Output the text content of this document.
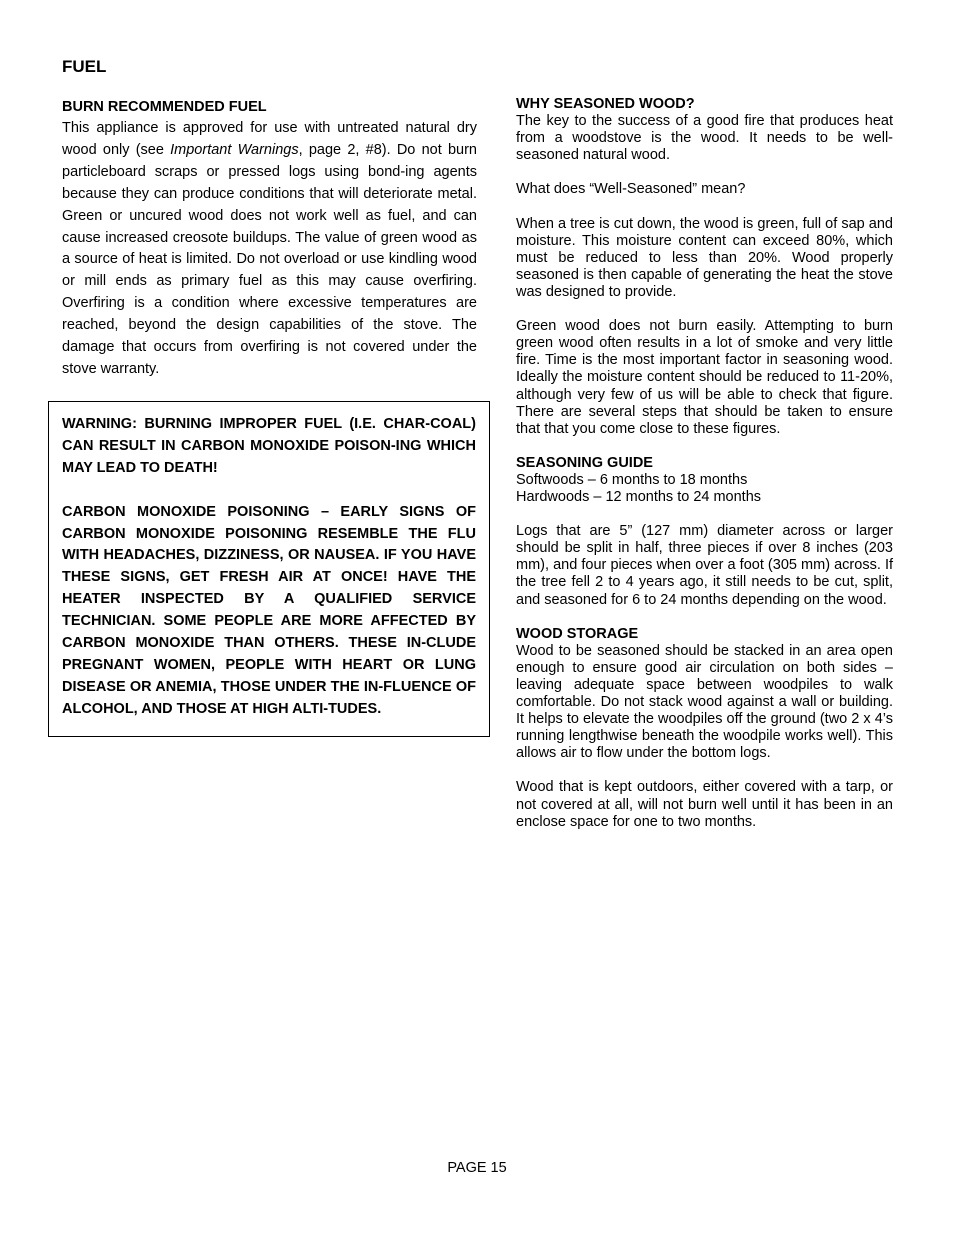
FUEL
BURN RECOMMENDED FUEL

This appliance is approved for use with untreated natural dry wood only (see Important Warnings, page 2, #8). Do not burn particleboard scraps or pressed logs using bond-ing agents because they can produce conditions that will deteriorate metal. Green or uncured wood does not work well as fuel, and can cause increased creosote buildups. The value of green wood as a source of heat is limited. Do not overload or use kindling wood or mill ends as primary fuel as this may cause overfiring. Overfiring is a condition where excessive temperatures are reached, beyond the design capabilities of the stove. The damage that occurs from overfiring is not covered under the stove warranty.

WARNING: BURNING IMPROPER FUEL (I.E. CHAR-COAL) CAN RESULT IN CARBON MONOXIDE POISON-ING WHICH MAY LEAD TO DEATH!

CARBON MONOXIDE POISONING – EARLY SIGNS OF CARBON MONOXIDE POISONING RESEMBLE THE FLU WITH HEADACHES, DIZZINESS, OR NAUSEA. IF YOU HAVE THESE SIGNS, GET FRESH AIR AT ONCE! HAVE THE HEATER INSPECTED BY A QUALIFIED SERVICE TECHNICIAN. SOME PEOPLE ARE MORE AFFECTED BY CARBON MONOXIDE THAN OTHERS. THESE IN-CLUDE PREGNANT WOMEN, PEOPLE WITH HEART OR LUNG DISEASE OR ANEMIA, THOSE UNDER THE IN-FLUENCE OF ALCOHOL, AND THOSE AT HIGH ALTI-TUDES.

WHY SEASONED WOOD?

The key to the success of a good fire that produces heat from a woodstove is the wood. It needs to be well-seasoned natural wood.

What does “Well-Seasoned” mean?

When a tree is cut down, the wood is green, full of sap and moisture. This moisture content can exceed 80%, which must be reduced to less than 20%. Wood properly seasoned is then capable of generating the heat the stove was designed to provide.

Green wood does not burn easily. Attempting to burn green wood often results in a lot of smoke and very little fire. Time is the most important factor in seasoning wood. Ideally the moisture content should be reduced to 11-20%, although very few of us will be able to check that figure. There are several steps that should be taken to ensure that that you come close to these figures.

SEASONING GUIDE

Softwoods – 6 months to 18 months

Hardwoods – 12 months to 24 months

Logs that are 5” (127 mm) diameter across or larger should be split in half, three pieces if over 8 inches (203 mm), and four pieces when over a foot (305 mm) across. If the tree fell 2 to 4 years ago, it still needs to be cut, split, and seasoned for 6 to 24 months depending on the wood.

WOOD STORAGE

Wood to be seasoned should be stacked in an area open enough to ensure good air circulation on both sides – leaving adequate space between woodpiles to walk comfortable. Do not stack wood against a wall or building. It helps to elevate the woodpiles off the ground (two 2 x 4’s running lengthwise beneath the woodpile works well). This allows air to flow under the bottom logs.

Wood that is kept outdoors, either covered with a tarp, or not covered at all, will not burn well until it has been in an enclose space for one to two months.

PAGE 15
